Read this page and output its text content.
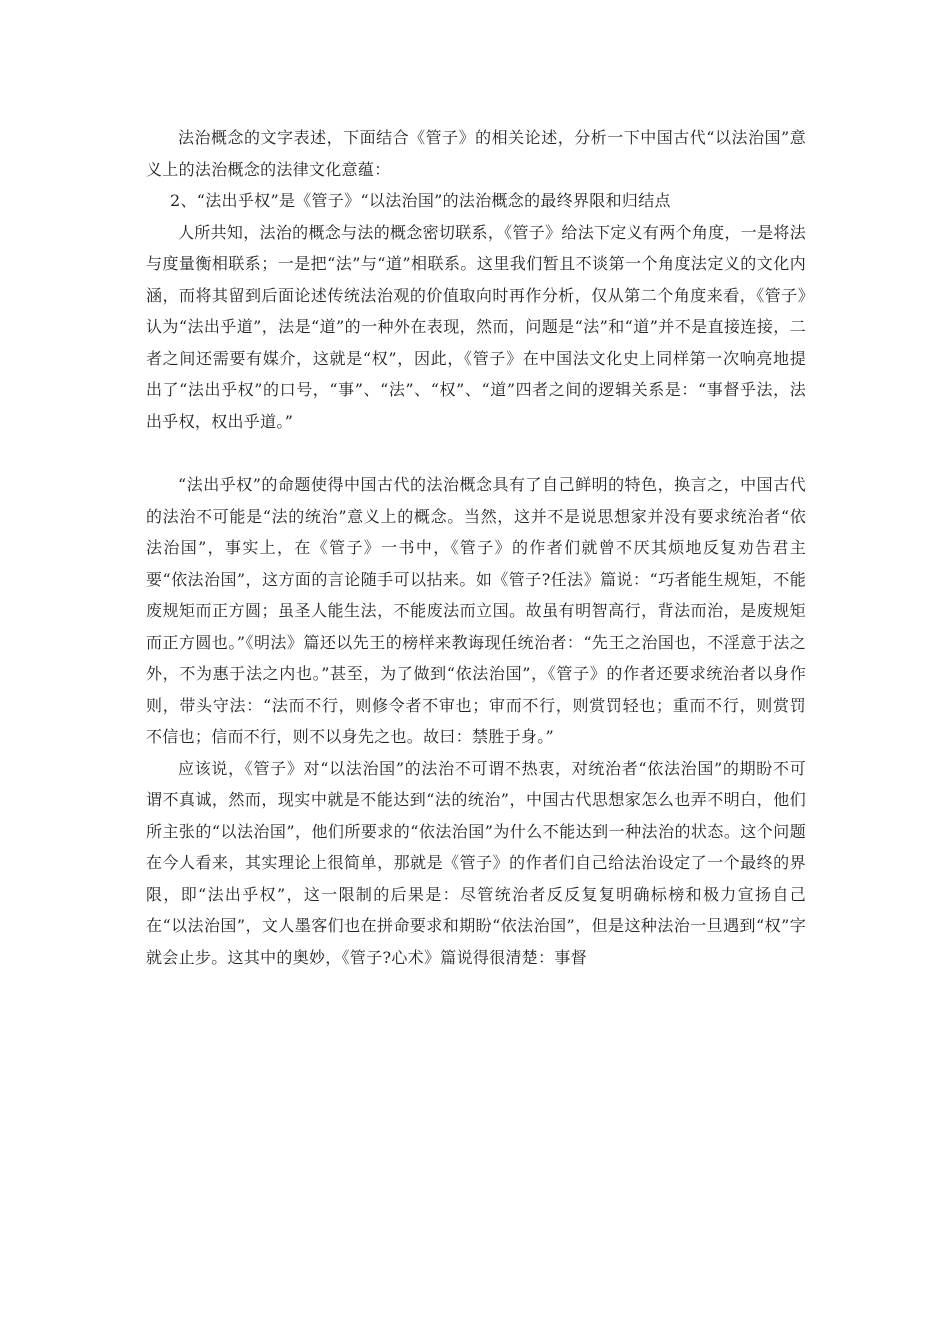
法治概念的文字表述，下面结合《管子》的相关论述，分析一下中国古代“以法治国”意义上的法治概念的法律文化意蕴：

2、“法出乎权”是《管子》“以法治国”的法治概念的最终界限和归结点

人所共知，法治的概念与法的概念密切联系，《管子》给法下定义有两个角度，一是将法与度量衡相联系；一是把“法”与“道”相联系。这里我们暂且不谈第一个角度法定义的文化内涵，而将其留到后面论述传统法治观的价值取向时再作分析，仅从第二个角度来看，《管子》认为“法出乎道”，法是“道”的一种外在表现，然而，问题是“法”和“道”并不是直接连接，二者之间还需要有媒介，这就是“权”，因此，《管子》在中国法文化史上同样第一次响亮地提出了“法出乎权”的口号，“事”、“法”、“权”、“道”四者之间的逻辑关系是：“事督乎法，法出乎权，权出乎道。”

“法出乎权”的命题使得中国古代的法治概念具有了自己鲜明的特色，换言之，中国古代的法治不可能是“法的统治”意义上的概念。当然，这并不是说思想家并没有要求统治者“依法治国”，事实上，在《管子》一书中，《管子》的作者们就曾不厌其烦地反复劝告君主要“依法治国”，这方面的言论随手可以拈来。如《管子?任法》篇说：“巧者能生规矩，不能废规矩而正方圆；虽圣人能生法，不能废法而立国。故虽有明智高行，背法而治，是废规矩而正方圆也。”《明法》篇还以先王的榜样来教诲现任统治者：“先王之治国也，不淫意于法之外，不为惠于法之内也。”甚至，为了做到“依法治国”，《管子》的作者还要求统治者以身作则，带头守法：“法而不行，则修令者不审也；审而不行，则赏罚轻也；重而不行，则赏罚不信也；信而不行，则不以身先之也。故曰：禁胜于身。”

应该说，《管子》对“以法治国”的法治不可谓不热衷，对统治者“依法治国”的期盼不可谓不真诚，然而，现实中就是不能达到“法的统治”，中国古代思想家怎么也弄不明白，他们所主张的“以法治国”，他们所要求的“依法治国”为什么不能达到一种法治的状态。这个问题在今人看来，其实理论上很简单，那就是《管子》的作者们自己给法治设定了一个最终的界限，即“法出乎权”，这一限制的后果是：尽管统治者反反复复明确标榜和极力宣扬自己在“以法治国”，文人墨客们也在拼命要求和期盼“依法治国”，但是这种法治一旦遇到“权”字就会止步。这其中的奥妙，《管子?心术》篇说得很清楚：事督
